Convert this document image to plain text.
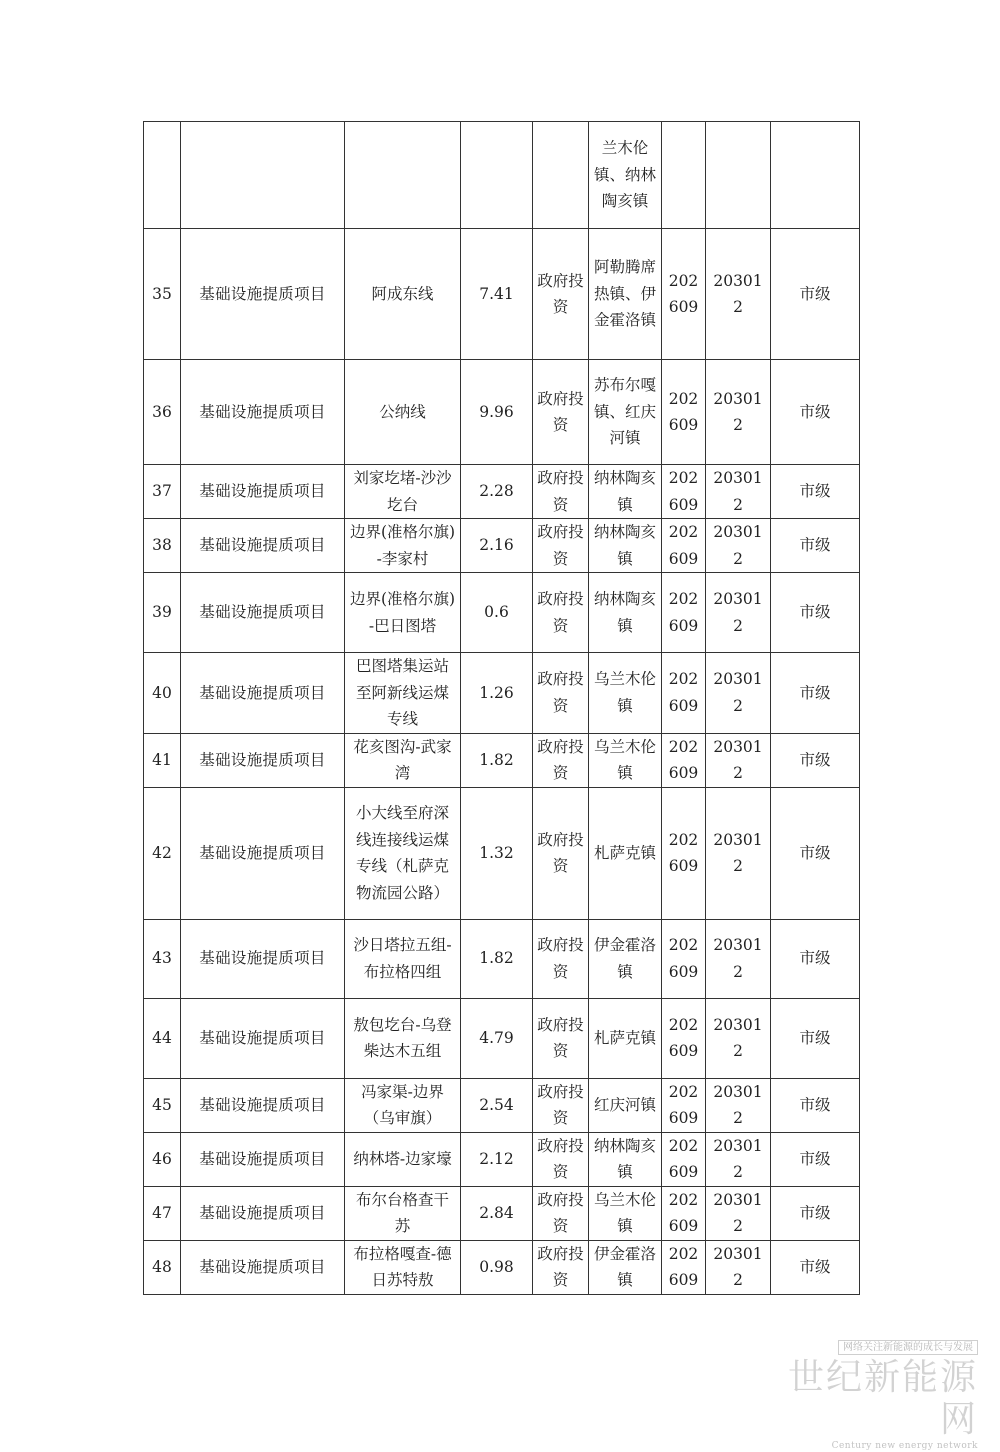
					兰木伦镇、纳林陶亥镇			
35	基础设施提质项目	阿成东线	7.41	政府投资	阿勒腾席热镇、伊金霍洛镇	202609	203012	市级
36	基础设施提质项目	公纳线	9.96	政府投资	苏布尔嘎镇、红庆河镇	202609	203012	市级
37	基础设施提质项目	刘家圪堵-沙沙圪台	2.28	政府投资	纳林陶亥镇	202609	203012	市级
38	基础设施提质项目	边界(准格尔旗)-李家村	2.16	政府投资	纳林陶亥镇	202609	203012	市级
39	基础设施提质项目	边界(准格尔旗)-巴日图塔	0.6	政府投资	纳林陶亥镇	202609	203012	市级
40	基础设施提质项目	巴图塔集运站至阿新线运煤专线	1.26	政府投资	乌兰木伦镇	202609	203012	市级
41	基础设施提质项目	花亥图沟-武家湾	1.82	政府投资	乌兰木伦镇	202609	203012	市级
42	基础设施提质项目	小大线至府深线连接线运煤专线（札萨克物流园公路）	1.32	政府投资	札萨克镇	202609	203012	市级
43	基础设施提质项目	沙日塔拉五组-布拉格四组	1.82	政府投资	伊金霍洛镇	202609	203012	市级
44	基础设施提质项目	敖包圪台-乌登柴达木五组	4.79	政府投资	札萨克镇	202609	203012	市级
45	基础设施提质项目	冯家渠-边界（乌审旗）	2.54	政府投资	红庆河镇	202609	203012	市级
46	基础设施提质项目	纳林塔-边家壕	2.12	政府投资	纳林陶亥镇	202609	203012	市级
47	基础设施提质项目	布尔台格查干苏	2.84	政府投资	乌兰木伦镇	202609	203012	市级
48	基础设施提质项目	布拉格嘎查-德日苏特敖	0.98	政府投资	伊金霍洛镇	202609	203012	市级
网络关注新能源的成长与发展
世纪新能源网
Century new energy network
